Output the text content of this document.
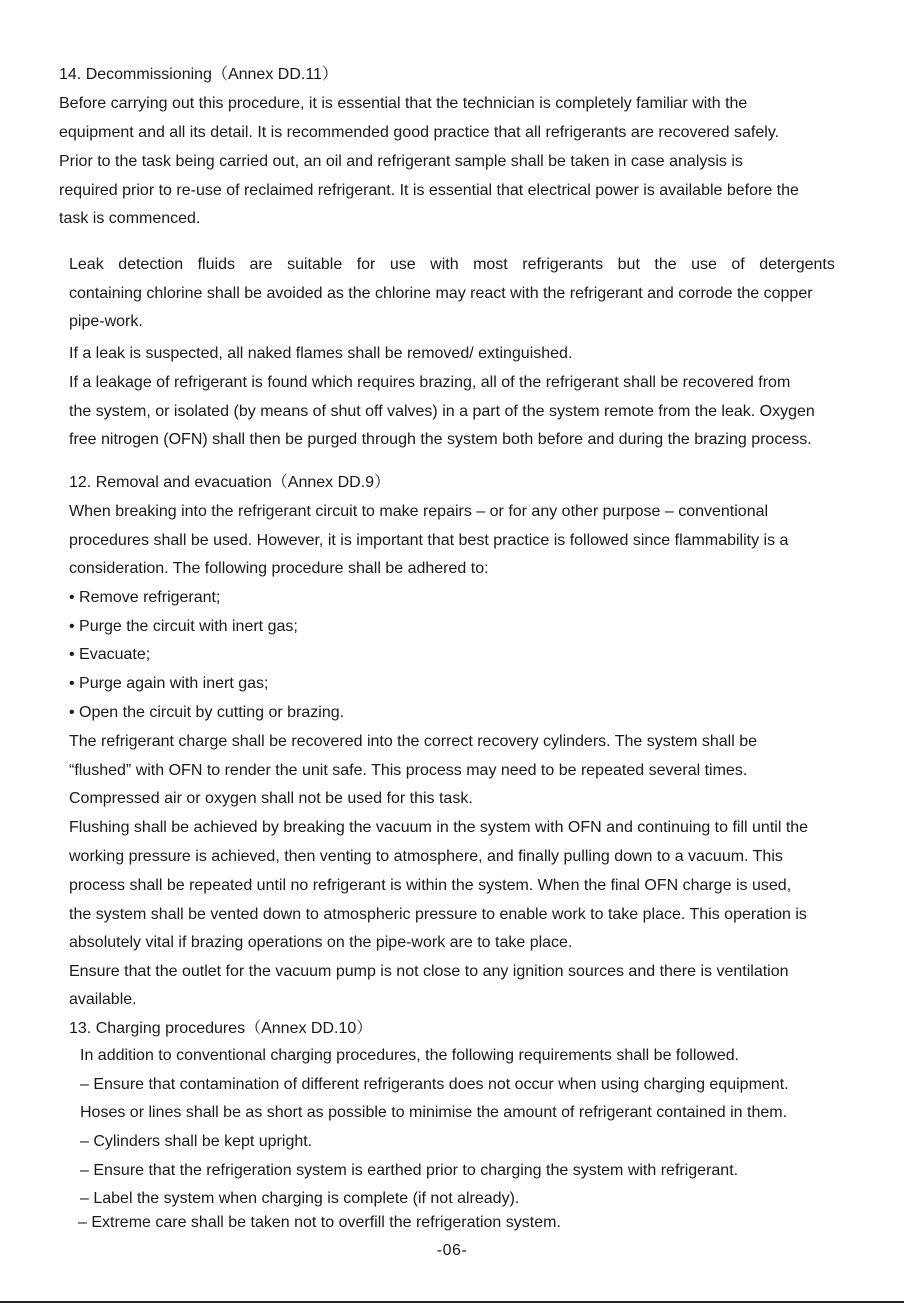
14. Decommissioning（Annex DD.11）

Before carrying out this procedure, it is essential that the technician is completely familiar with the

equipment and all its detail. It is recommended good practice that all refrigerants are recovered safely.

Prior to the task being carried out, an oil and refrigerant sample shall be taken in case analysis is

required prior to re-use of reclaimed refrigerant. It is essential that electrical power is available before the

task is commenced.

Leak detection fluids are suitable for use with most refrigerants but the use of detergents

containing chlorine shall be avoided as the chlorine may react with the refrigerant and corrode the copper

pipe-work.

If a leak is suspected, all naked flames shall be removed/ extinguished.

If a leakage of refrigerant is found which requires brazing, all of the refrigerant shall be recovered from

the system, or isolated (by means of shut off valves) in a part of the system remote from the leak. Oxygen

free nitrogen (OFN) shall then be purged through the system both before and during the brazing process.

12. Removal and evacuation（Annex DD.9）

When breaking into the refrigerant circuit to make repairs – or for any other purpose – conventional

procedures shall be used. However, it is important that best practice is followed since flammability is a

consideration. The following procedure shall be adhered to:

• Remove refrigerant;

• Purge the circuit with inert gas;

• Evacuate;

• Purge again with inert gas;

• Open the circuit by cutting or brazing.

The refrigerant charge shall be recovered into the correct recovery cylinders. The system shall be

“flushed” with OFN to render the unit safe. This process may need to be repeated several times.

Compressed air or oxygen shall not be used for this task.

Flushing shall be achieved by breaking the vacuum in the system with OFN and continuing to fill until the

working pressure is achieved, then venting to atmosphere, and finally pulling down to a vacuum. This

process shall be repeated until no refrigerant is within the system. When the final OFN charge is used,

the system shall be vented down to atmospheric pressure to enable work to take place. This operation is

absolutely vital if brazing operations on the pipe-work are to take place.

Ensure that the outlet for the vacuum pump is not close to any ignition sources and there is ventilation

available.

13. Charging procedures（Annex DD.10）

In addition to conventional charging procedures, the following requirements shall be followed.

– Ensure that contamination of different refrigerants does not occur when using charging equipment.

Hoses or lines shall be as short as possible to minimise the amount of refrigerant contained in them.

– Cylinders shall be kept upright.

– Ensure that the refrigeration system is earthed prior to charging the system with refrigerant.

– Label the system when charging is complete (if not already).

– Extreme care shall be taken not to overfill the refrigeration system.

-06-
